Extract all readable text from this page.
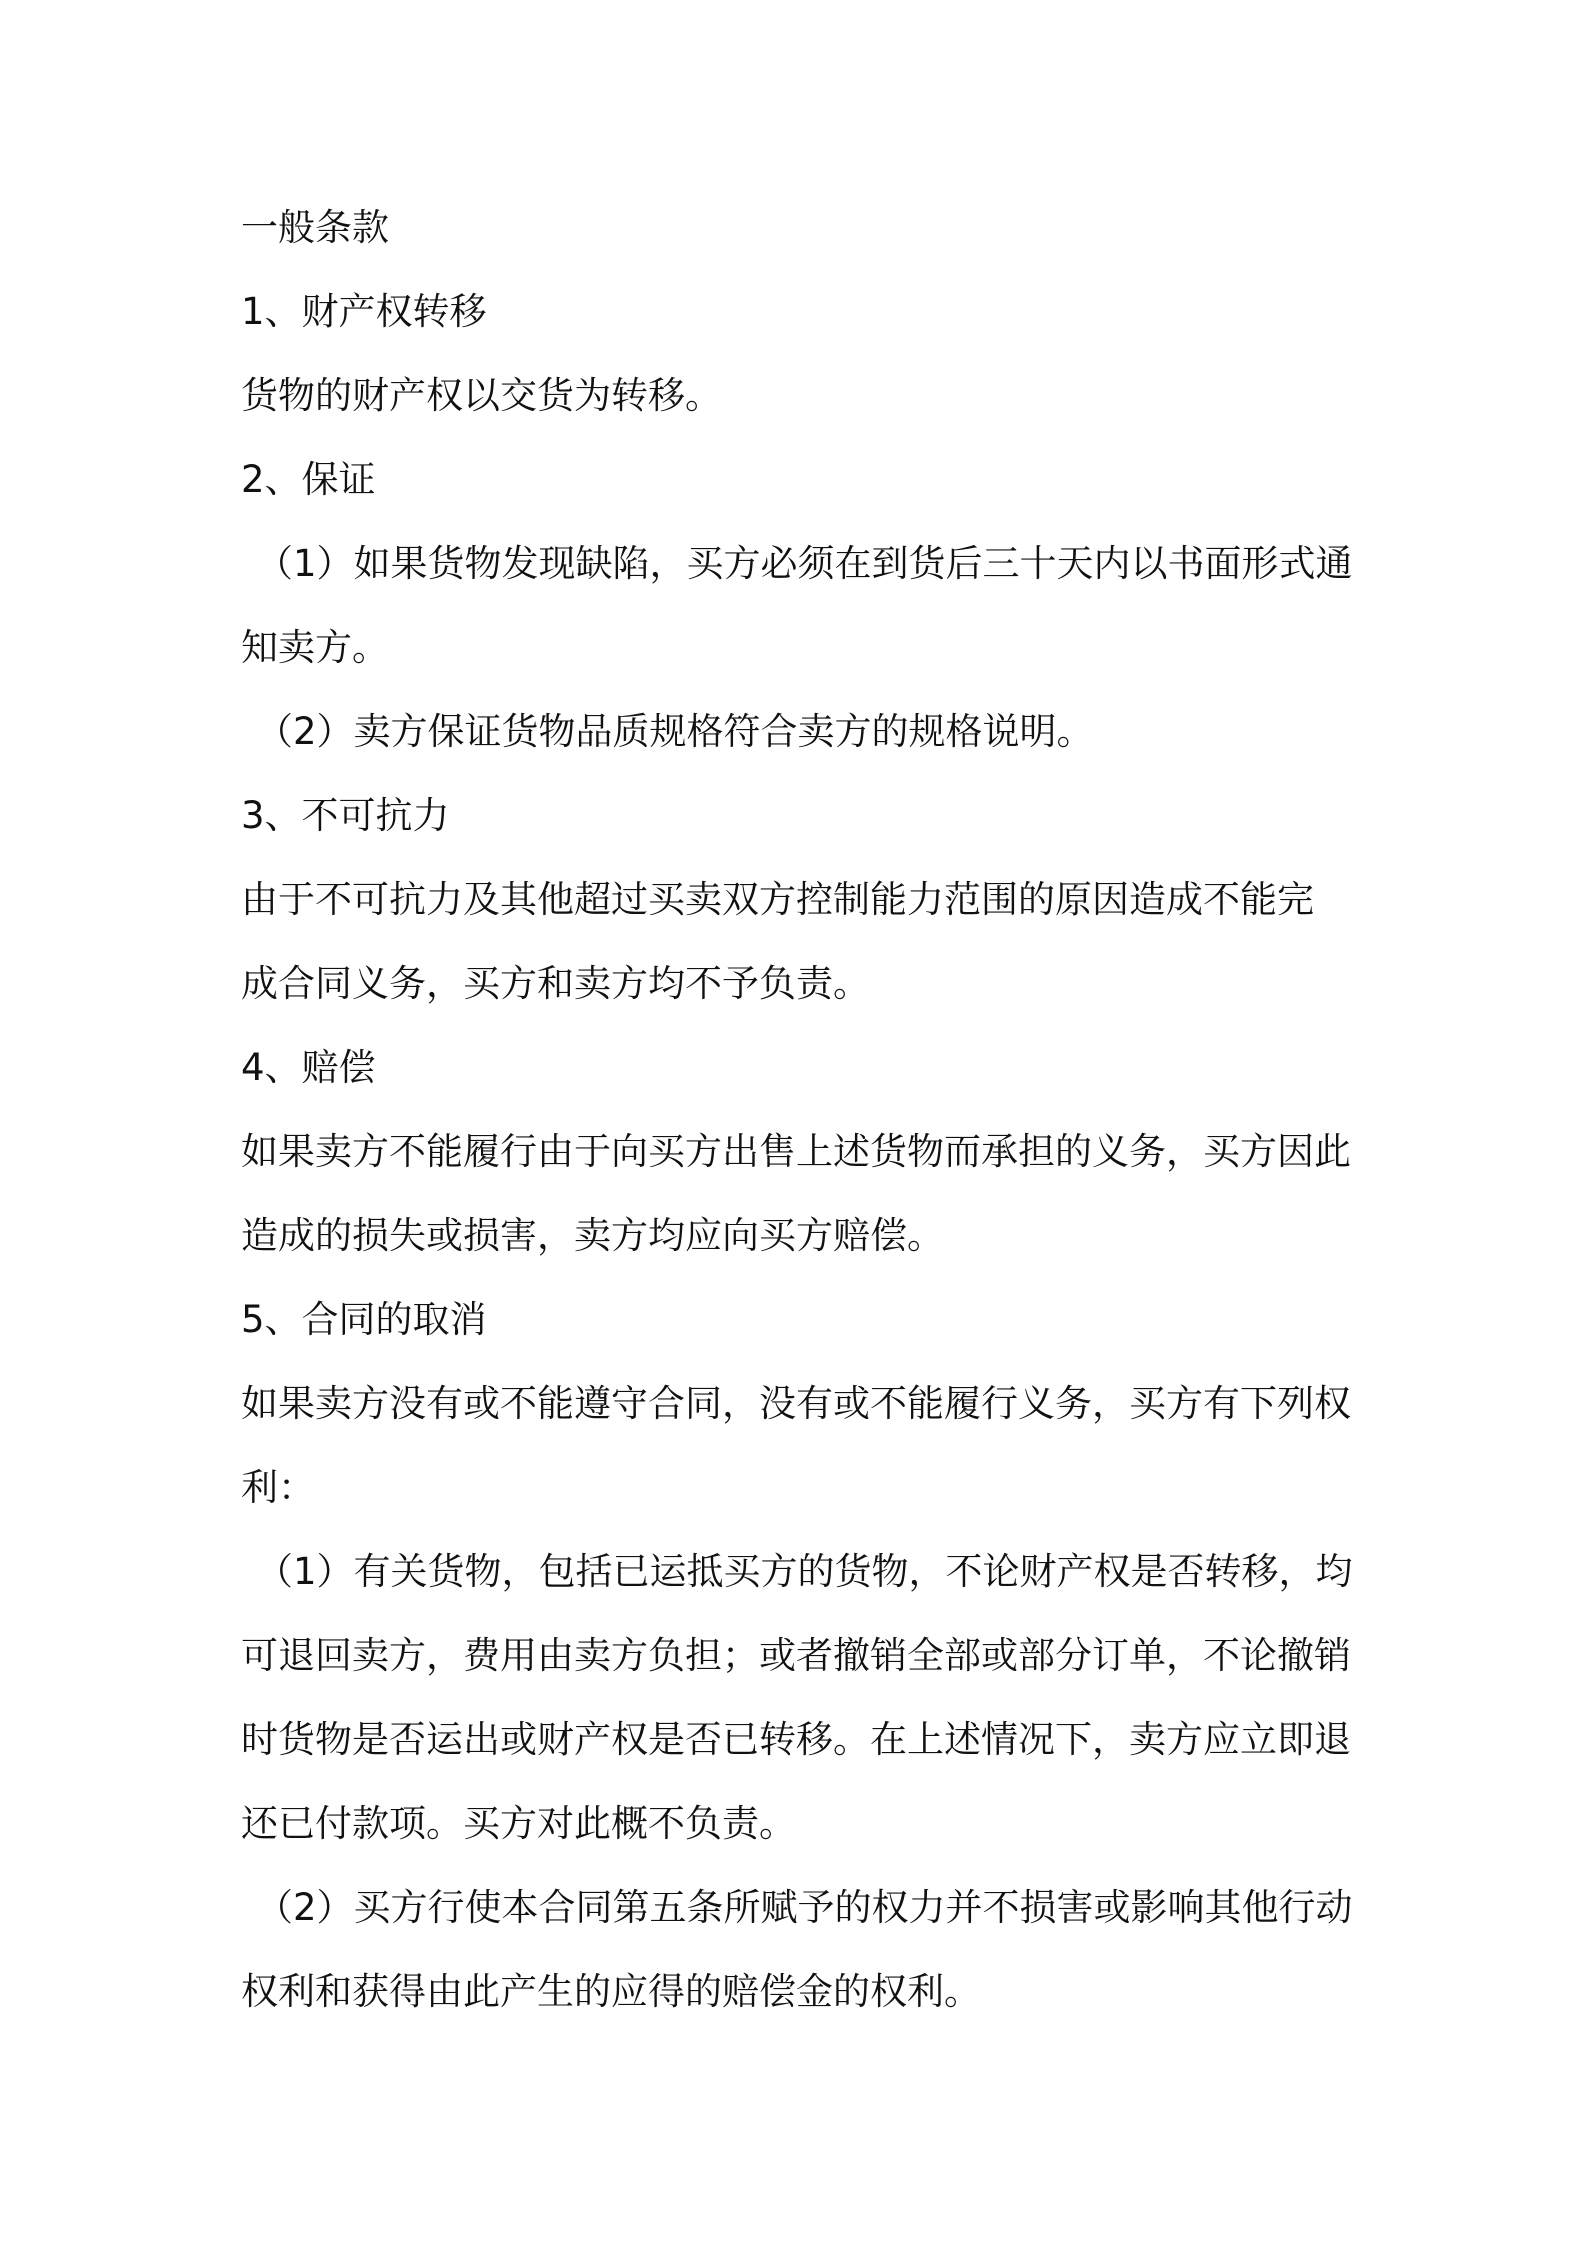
一般条款
1、财产权转移
货物的财产权以交货为转移。
2、保证
（1）如果货物发现缺陷，买方必须在到货后三十天内以书面形式通
知卖方。
（2）卖方保证货物品质规格符合卖方的规格说明。
3、不可抗力
由于不可抗力及其他超过买卖双方控制能力范围的原因造成不能完
成合同义务，买方和卖方均不予负责。
4、赔偿
如果卖方不能履行由于向买方出售上述货物而承担的义务，买方因此
造成的损失或损害，卖方均应向买方赔偿。
5、合同的取消
如果卖方没有或不能遵守合同，没有或不能履行义务，买方有下列权
利：
（1）有关货物，包括已运抵买方的货物，不论财产权是否转移，均
可退回卖方，费用由卖方负担；或者撤销全部或部分订单，不论撤销
时货物是否运出或财产权是否已转移。在上述情况下，卖方应立即退
还已付款项。买方对此概不负责。
（2）买方行使本合同第五条所赋予的权力并不损害或影响其他行动
权利和获得由此产生的应得的赔偿金的权利。
